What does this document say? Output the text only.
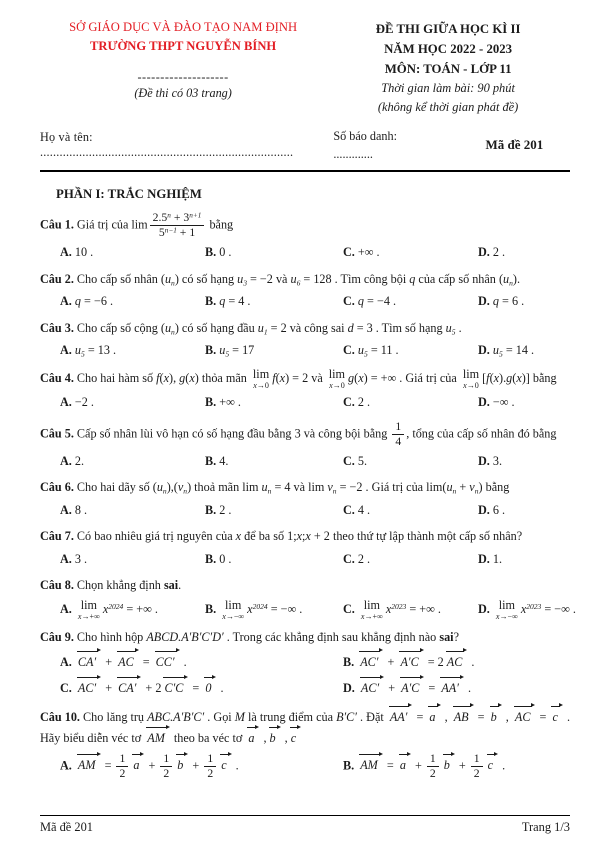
SỞ GIÁO DỤC VÀ ĐÀO TẠO NAM ĐỊNH
TRƯỜNG THPT NGUYỄN BÍNH
--------------------
(Đề thi có 03 trang)
ĐỀ THI GIỮA HỌC KÌ II
NĂM HỌC 2022 - 2023
MÔN: TOÁN - LỚP 11
Thời gian làm bài: 90 phút
(không kể thời gian phát đề)
Họ và tên: ..............................................................................
Số báo danh:
.............
Mã đề 201
PHẦN I: TRẮC NGHIỆM
Câu 1. Giá trị của $\lim \frac{2.5^n + 3^{n+1}}{5^{n-1} + 1}$ bằng
A. 10 .	B. 0 .	C. +∞ .	D. 2 .
Câu 2. Cho cấp số nhân $(u_n)$ có số hạng $u_3 = -2$ và $u_6 = 128$ . Tìm công bội q của cấp số nhân $(u_n)$.
A. q = −6 .	B. q = 4 .	C. q = −4 .	D. q = 6 .
Câu 3. Cho cấp số cộng $(u_n)$ có số hạng đầu $u_1 = 2$ và công sai d = 3 . Tìm số hạng $u_5$ .
A. $u_5 = 13$ .	B. $u_5 = 17$	C. $u_5 = 11$ .	D. $u_5 = 14$ .
Câu 4. Cho hai hàm số f(x), g(x) thỏa mãn lim
x→0
f(x) = 2 và lim
x→0
g(x) = +∞ . Giá trị của lim
x→0
[f(x).g(x)] bằng
A. −2 .	B. +∞ .	C. 2 .	D. −∞ .
Câu 5. Cấp số nhân lùi vô hạn có số hạng đầu bằng 3 và công bội bằng $\frac{1}{4}$ , tổng của cấp số nhân đó bằng
A. 2.	B. 4.	C. 5.	D. 3.
Câu 6. Cho hai dãy số $(u_n),(v_n)$ thoả mãn $\lim u_n = 4$ và $\lim v_n = -2$ . Giá trị của $\lim(u_n + v_n)$ bằng
A. 8 .	B. 2 .	C. 4 .	D. 6 .
Câu 7. Có bao nhiêu giá trị nguyên của x để ba số 1;x;x + 2 theo thứ tự lập thành một cấp số nhân?
A. 3 .	B. 0 .	C. 2 .	D. 1.
Câu 8. Chọn khẳng định sai.
A. lim
x→+∞
$x^{2024}$ = +∞ .	B. lim
x→−∞
$x^{2024}$ = −∞ .	C. lim
x→+∞
$x^{2023}$ = +∞ .	D. lim
x→−∞
$x^{2023}$ = −∞ .
Câu 9. Cho hình hộp ABCD.A′B′C′D′ . Trong các khẳng định sau khẳng định nào sai?
A. CA′ + AC = CC′ .	B. AC′ + A′C = 2 AC .
C. AC′ + CA′ + 2 C′C = 0 .	D. AC′ + A′C = AA′ .
Câu 10. Cho lăng trụ ABC.A′B′C′ . Gọi M là trung điểm của B′C′ . Đặt AA′ = a , AB = b , AC = c . Hãy biểu diễn véc tơ AM theo ba véc tơ a , b , c
A. AM = $\frac{1}{2}$ $a + \frac{1}{2}$ $b + \frac{1}{2}$ c .	B. AM = $a + \frac{1}{2}$ $b + \frac{1}{2}$ c .
Mã đề 201	Trang 1/3
